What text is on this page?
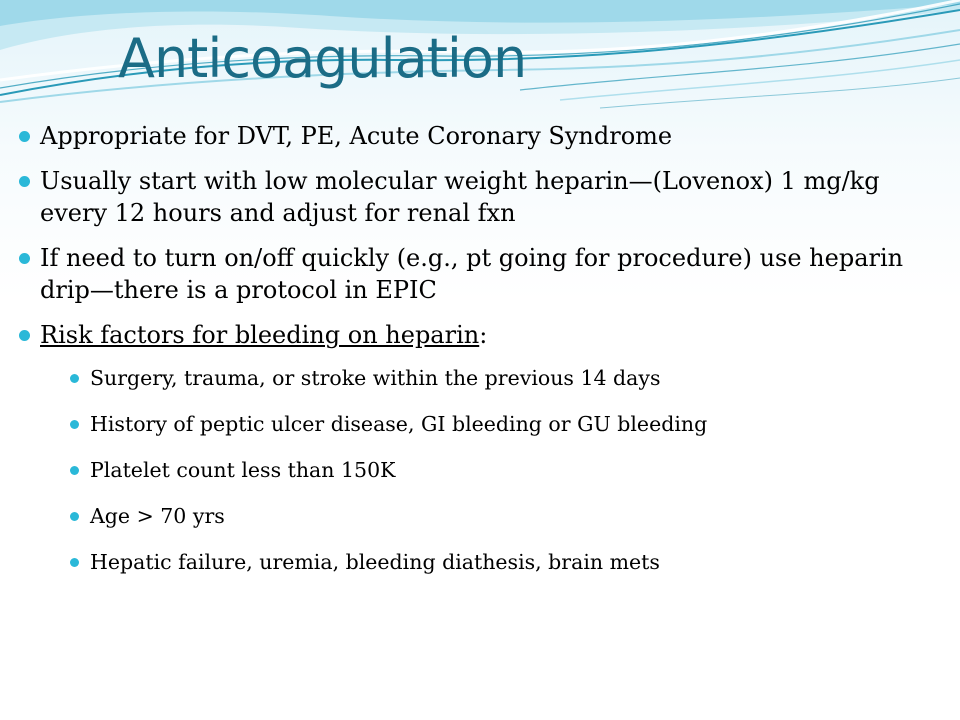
Anticoagulation
Appropriate for DVT, PE, Acute Coronary Syndrome
Usually start with low molecular weight heparin—(Lovenox) 1 mg/kg every 12 hours and adjust for renal fxn
If need to turn on/off quickly (e.g., pt going for procedure) use heparin drip—there is a protocol in EPIC
Risk factors for bleeding on heparin:
Surgery, trauma, or stroke within the previous 14 days
History of peptic ulcer disease, GI bleeding or GU bleeding
Platelet count less than 150K
Age > 70 yrs
Hepatic failure, uremia, bleeding diathesis, brain mets
